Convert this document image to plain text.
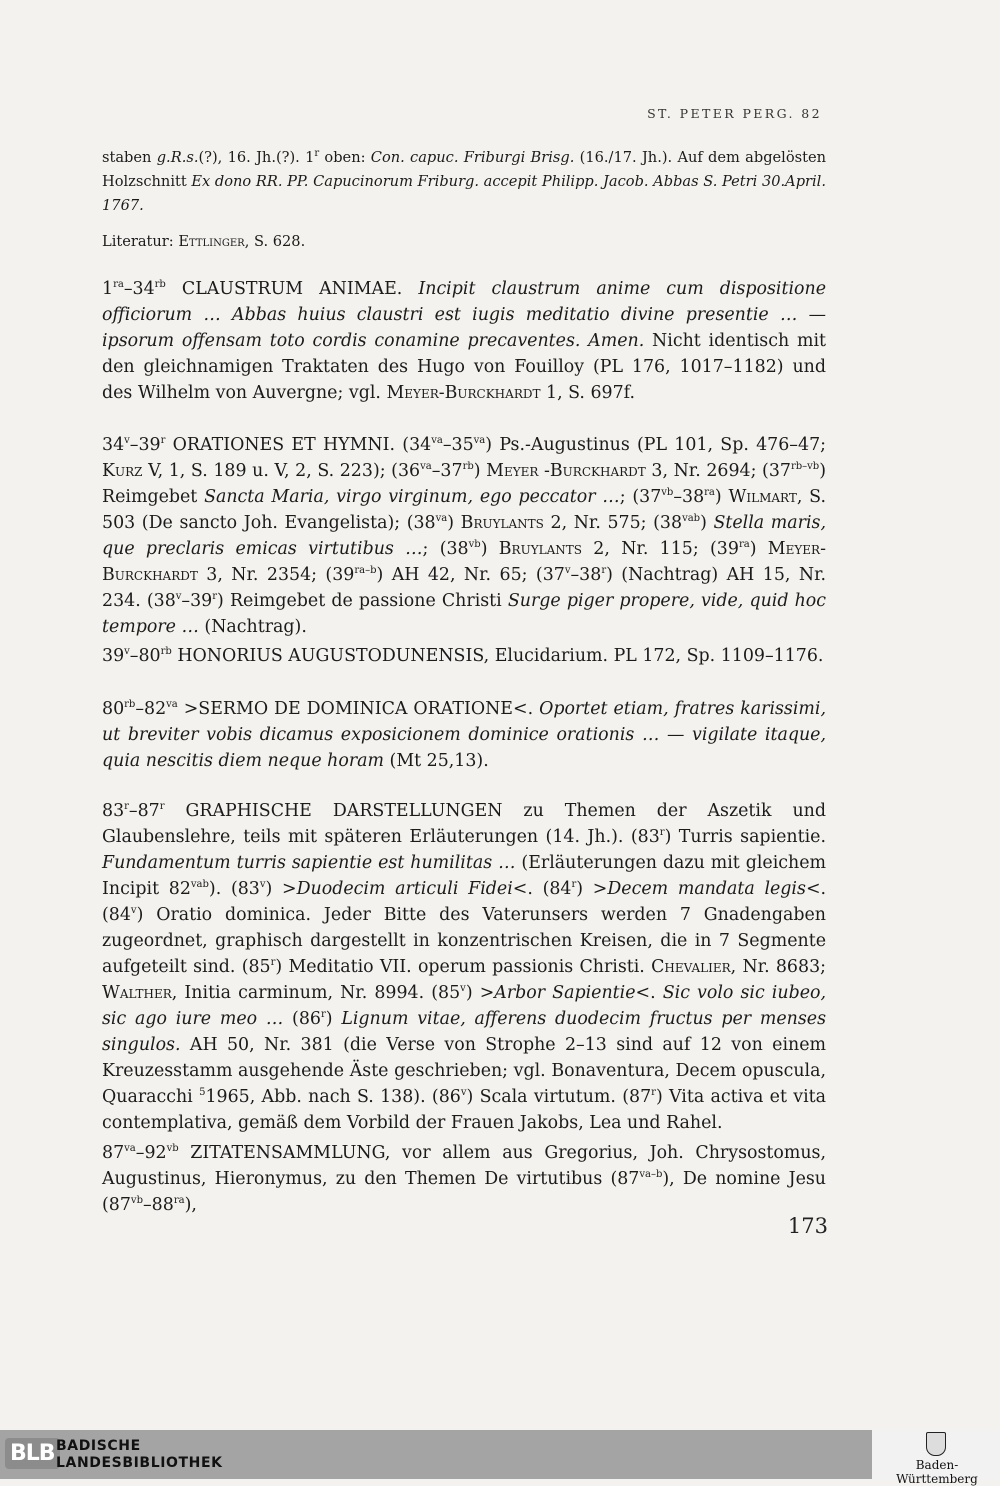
ST. PETER PERG. 82

staben g.R.s.(?), 16. Jh.(?). 1$^r$ oben: Con. capuc. Friburgi Brisg. (16./17. Jh.). Auf dem abgelösten Holzschnitt Ex dono RR. PP. Capucinorum Friburg. accepit Philipp. Jacob. Abbas S. Petri 30.April. 1767.

Literatur: Ettlinger, S. 628.

$1^{ra}-34^{rb}$ CLAUSTRUM ANIMAE. Incipit claustrum anime cum dispositione officiorum … Abbas huius claustri est iugis meditatio divine presentie … — ipsorum offensam toto cordis conamine precaventes. Amen. Nicht identisch mit den gleichnamigen Traktaten des Hugo von Fouilloy (PL 176, 1017–1182) und des Wilhelm von Auvergne; vgl. Meyer-Burckhardt 1, S. 697f.

34$^v$–39$^r$ ORATIONES ET HYMNI. $(34^{va}-35^{va})$ Ps.-Augustinus (PL 101, Sp. 476–47; Kurz V, 1, S. 189 u. V, 2, S. 223); $(36^{va}-37^{rb})$ Meyer -Burckhardt 3, Nr. 2694; $(37^{rb-vb})$ Reimgebet Sancta Maria, virgo virginum, ego peccator …; $(37^{vb}-38^{ra})$ Wilmart, S. 503 (De sancto Joh. Evangelista); $(38^{va})$ Bruylants 2, Nr. 575; $(38^{vab})$ Stella maris, que preclaris emicas virtutibus …; $(38^{vb})$ Bruylants 2, Nr. 115; $(39^{ra})$ Meyer-Burckhardt 3, Nr. 2354; $(39^{ra-b})$ AH 42, Nr. 65; (37$^v$–38$^r$) (Nachtrag) AH 15, Nr. 234. (38$^v$–39$^r$) Reimgebet de passione Christi Surge piger propere, vide, quid hoc tempore … (Nachtrag).

$39^v-80^{rb}$ HONORIUS AUGUSTODUNENSIS, Elucidarium. PL 172, Sp. 1109–1176.

$80^{rb}-82^{va}$ >SERMO DE DOMINICA ORATIONE<. Oportet etiam, fratres karissimi, ut breviter vobis dicamus exposicionem dominice orationis … — vigilate itaque, quia nescitis diem neque horam (Mt 25,13).

83$^r$–87$^r$ GRAPHISCHE DARSTELLUNGEN zu Themen der Aszetik und Glaubenslehre, teils mit späteren Erläuterungen (14. Jh.). (83$^r$) Turris sapientie. Fundamentum turris sapientie est humilitas … (Erläuterungen dazu mit gleichem Incipit $82^{vab}$). $(83^v)$ >Duodecim articuli Fidei<. $(84^r)$ >Decem mandata legis<. (84$^v$) Oratio dominica. Jeder Bitte des Vaterunsers werden 7 Gnadengaben zugeordnet, graphisch dargestellt in konzentrischen Kreisen, die in 7 Segmente aufgeteilt sind. (85$^r$) Meditatio VII. operum passionis Christi. Chevalier, Nr. 8683; Walther, Initia carminum, Nr. 8994. $(85^v)$ >Arbor Sapientie<. Sic volo sic iubeo, sic ago iure meo … (86$^r$) Lignum vitae, afferens duodecim fructus per menses singulos. AH 50, Nr. 381 (die Verse von Strophe 2–13 sind auf 12 von einem Kreuzesstamm ausgehende Äste geschrieben; vgl. Bonaventura, Decem opuscula, Quaracchi $^5$1965, Abb. nach S. 138). (86$^v$) Scala virtutum. (87$^r$) Vita activa et vita contemplativa, gemäß dem Vorbild der Frauen Jakobs, Lea und Rahel.

$87^{va}-92^{vb}$ ZITATENSAMMLUNG, vor allem aus Gregorius, Joh. Chrysostomus, Augustinus, Hieronymus, zu den Themen De virtutibus $(87^{va-b})$, De nomine Jesu $(87^{vb}-88^{ra})$,

173
BLB BADISCHE
LANDESBIBLIOTHEK	Baden-Württemberg
